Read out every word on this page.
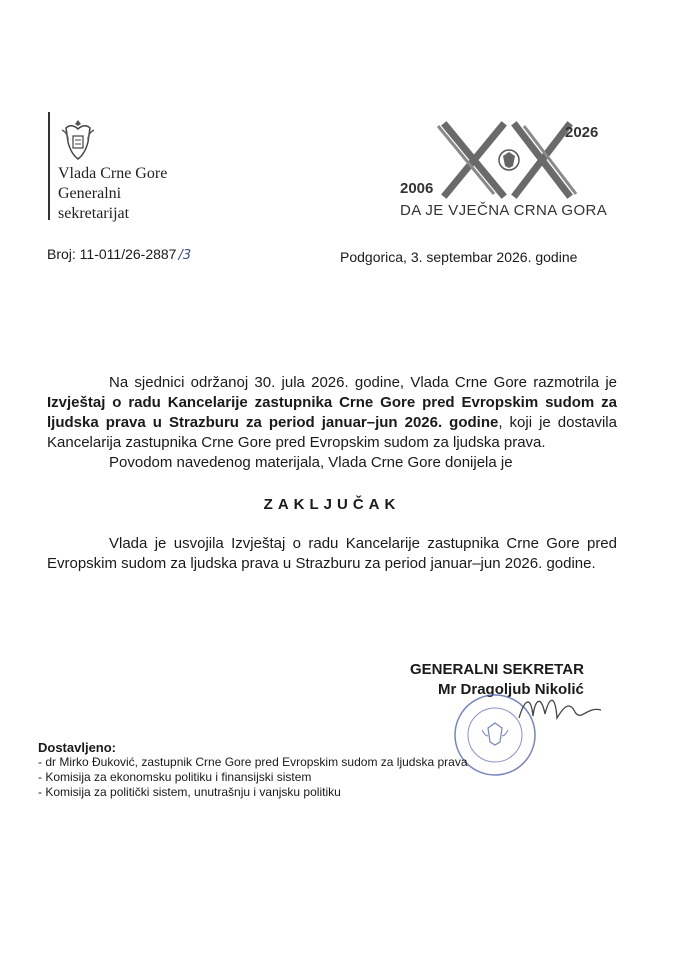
Vlada Crne Gore
Generalni
sekretarijat
2006
2026
DA JE VJEČNA CRNA GORA
Broj: 11-011/26-2887 /3	Podgorica, 3. septembar 2026. godine

Na sjednici održanoj 30. jula 2026. godine, Vlada Crne Gore razmotrila je Izvještaj o radu Kancelarije zastupnika Crne Gore pred Evropskim sudom za ljudska prava u Strazburu za period januar–jun 2026. godine, koji je dostavila Kancelarija zastupnika Crne Gore pred Evropskim sudom za ljudska prava.

Povodom navedenog materijala, Vlada Crne Gore donijela je

ZAKLJUČAK

Vlada je usvojila Izvještaj o radu Kancelarije zastupnika Crne Gore pred Evropskim sudom za ljudska prava u Strazburu za period januar–jun 2026. godine.

GENERALNI SEKRETAR
Mr Dragoljub Nikolić
Dostavljeno:
- dr Mirko Đuković, zastupnik Crne Gore pred Evropskim sudom za ljudska prava
- Komisija za ekonomsku politiku i finansijski sistem
- Komisija za politički sistem, unutrašnju i vanjsku politiku
